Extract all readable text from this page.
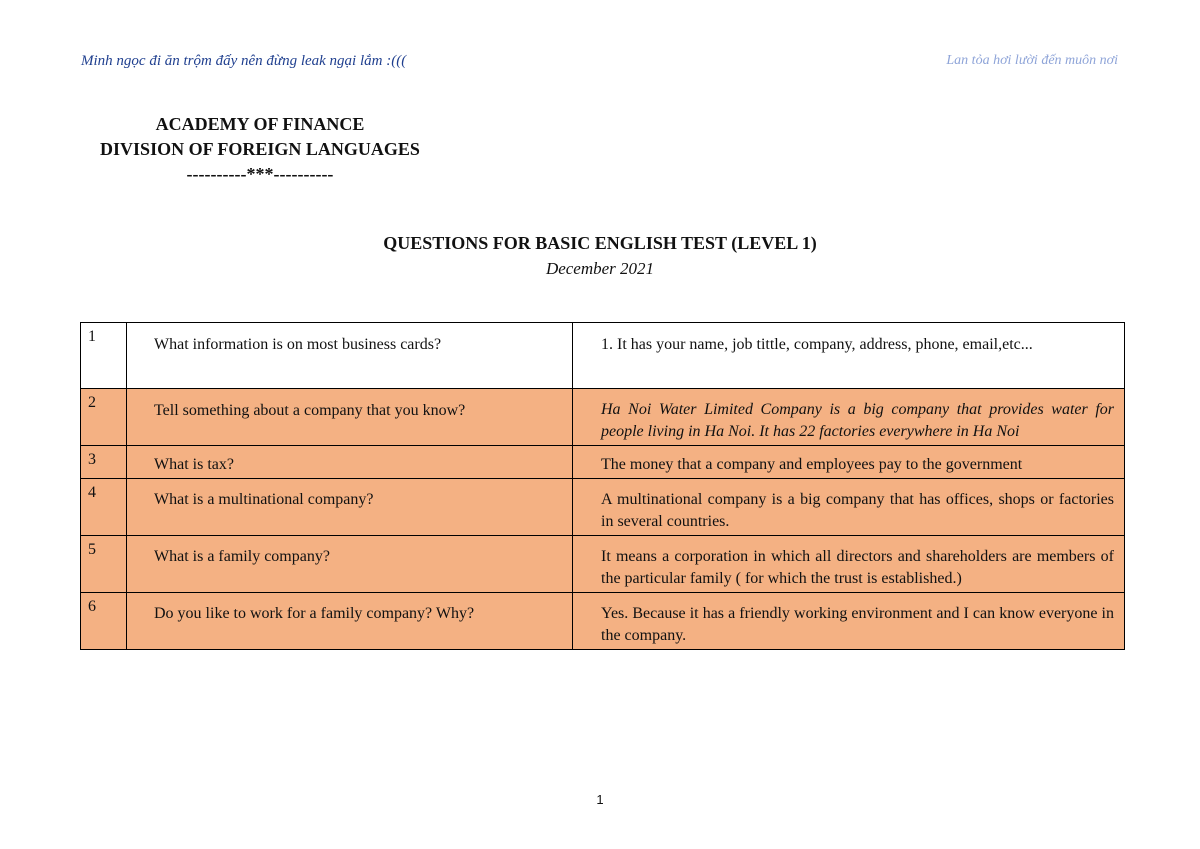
Minh ngọc đi ăn trộm đấy nên đừng leak ngại lắm :(((	Lan tỏa hơi lười đến muôn nơi
ACADEMY OF FINANCE
DIVISION OF FOREIGN LANGUAGES
----------***----------
QUESTIONS FOR BASIC ENGLISH TEST (LEVEL 1)
December 2021
1	What information is on most business cards?	1. It has your name, job tittle, company, address, phone, email,etc...
2	Tell something about a company that you know?	Ha Noi Water Limited Company is a big company that provides water for people living in Ha Noi. It has 22 factories everywhere in Ha Noi
3	What is tax?	The money that a company and employees pay to the government
4	What is a multinational company?	A multinational company is a big company that has offices, shops or factories in several countries.
5	What is a family company?	It means a corporation in which all directors and shareholders are members of the particular family ( for which the trust is established.)
6	Do you like to work for a family company? Why?	Yes. Because it has a friendly working environment and I can know everyone in the company.
1
